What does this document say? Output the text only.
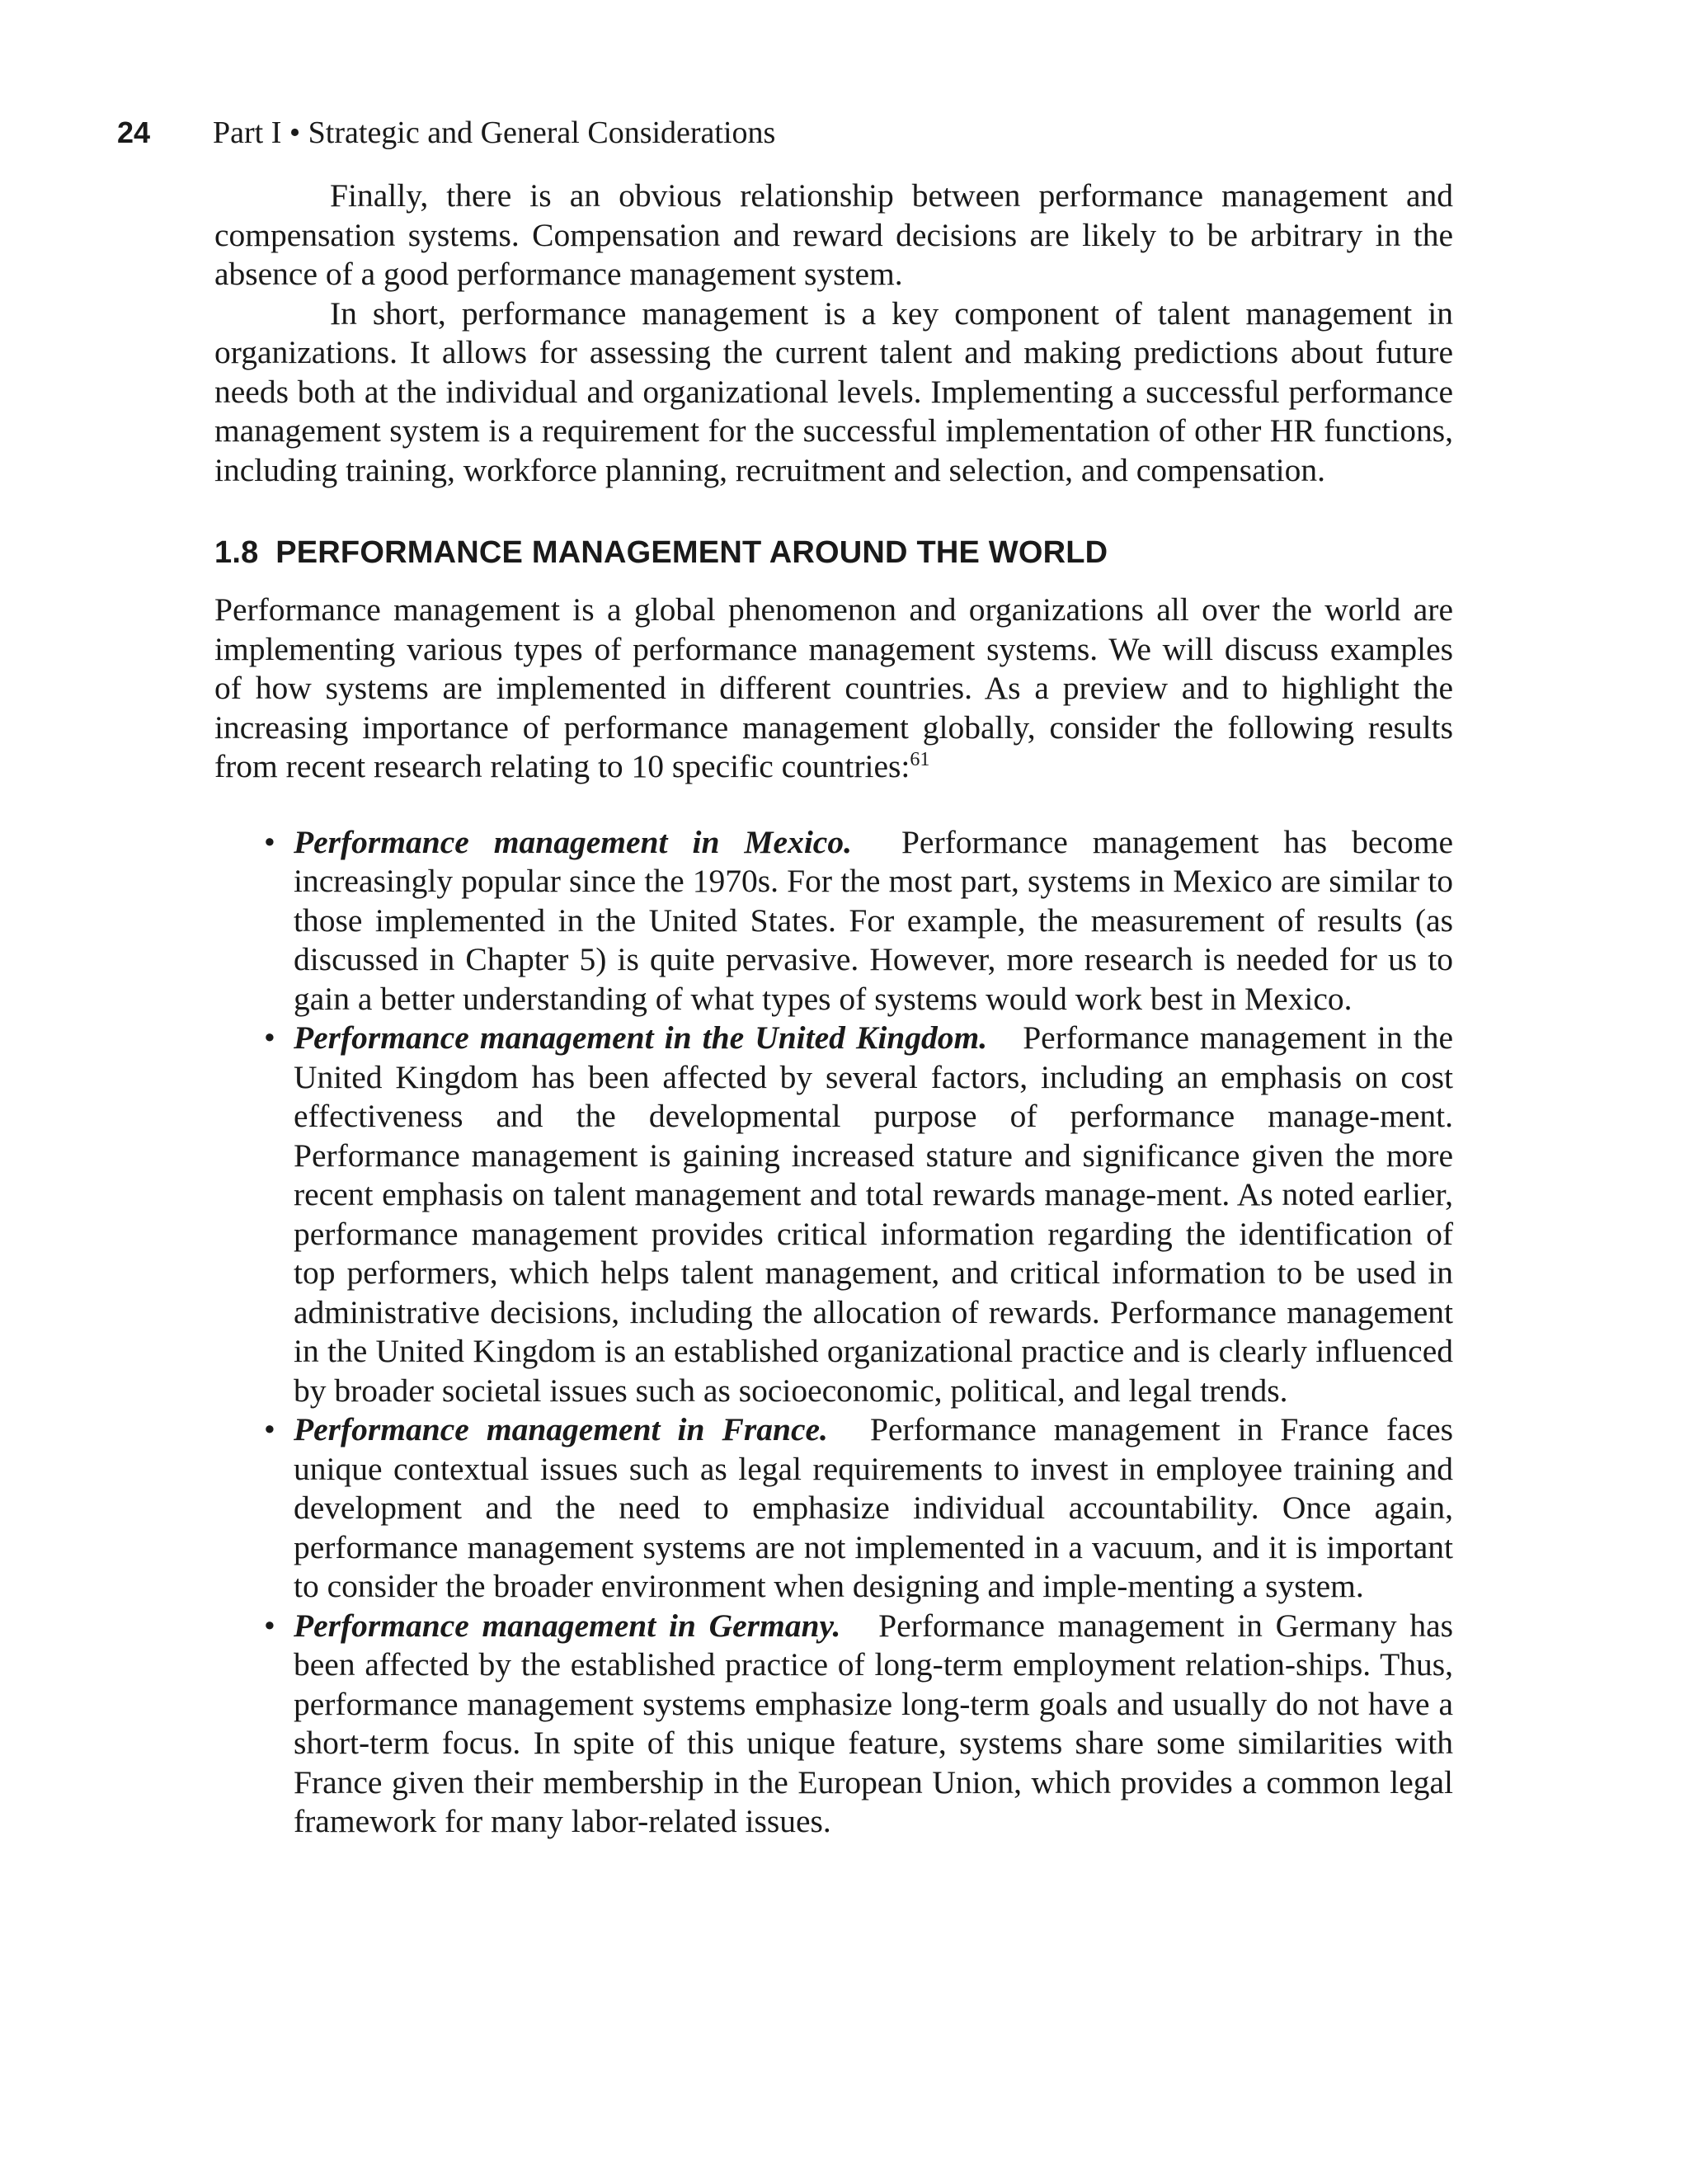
24 Part I • Strategic and General Considerations

Finally, there is an obvious relationship between performance management and compensation systems. Compensation and reward decisions are likely to be arbitrary in the absence of a good performance management system.

In short, performance management is a key component of talent management in organizations. It allows for assessing the current talent and making predictions about future needs both at the individual and organizational levels. Implementing a successful performance management system is a requirement for the successful implementation of other HR functions, including training, workforce planning, recruitment and selection, and compensation.

1.8 PERFORMANCE MANAGEMENT AROUND THE WORLD

Performance management is a global phenomenon and organizations all over the world are implementing various types of performance management systems. We will discuss examples of how systems are implemented in different countries. As a preview and to highlight the increasing importance of performance management globally, consider the following results from recent research relating to 10 specific countries:$^{61}$

• Performance management in Mexico. Performance management has become increasingly popular since the 1970s. For the most part, systems in Mexico are similar to those implemented in the United States. For example, the measurement of results (as discussed in Chapter 5) is quite pervasive. However, more research is needed for us to gain a better understanding of what types of systems would work best in Mexico.
• Performance management in the United Kingdom. Performance management in the United Kingdom has been affected by several factors, including an emphasis on cost effectiveness and the developmental purpose of performance manage-ment. Performance management is gaining increased stature and significance given the more recent emphasis on talent management and total rewards manage-ment. As noted earlier, performance management provides critical information regarding the identification of top performers, which helps talent management, and critical information to be used in administrative decisions, including the allocation of rewards. Performance management in the United Kingdom is an established organizational practice and is clearly influenced by broader societal issues such as socioeconomic, political, and legal trends.
• Performance management in France. Performance management in France faces unique contextual issues such as legal requirements to invest in employee training and development and the need to emphasize individual accountability. Once again, performance management systems are not implemented in a vacuum, and it is important to consider the broader environment when designing and imple-menting a system.
• Performance management in Germany. Performance management in Germany has been affected by the established practice of long-term employment relation-ships. Thus, performance management systems emphasize long-term goals and usually do not have a short-term focus. In spite of this unique feature, systems share some similarities with France given their membership in the European Union, which provides a common legal framework for many labor-related issues.
